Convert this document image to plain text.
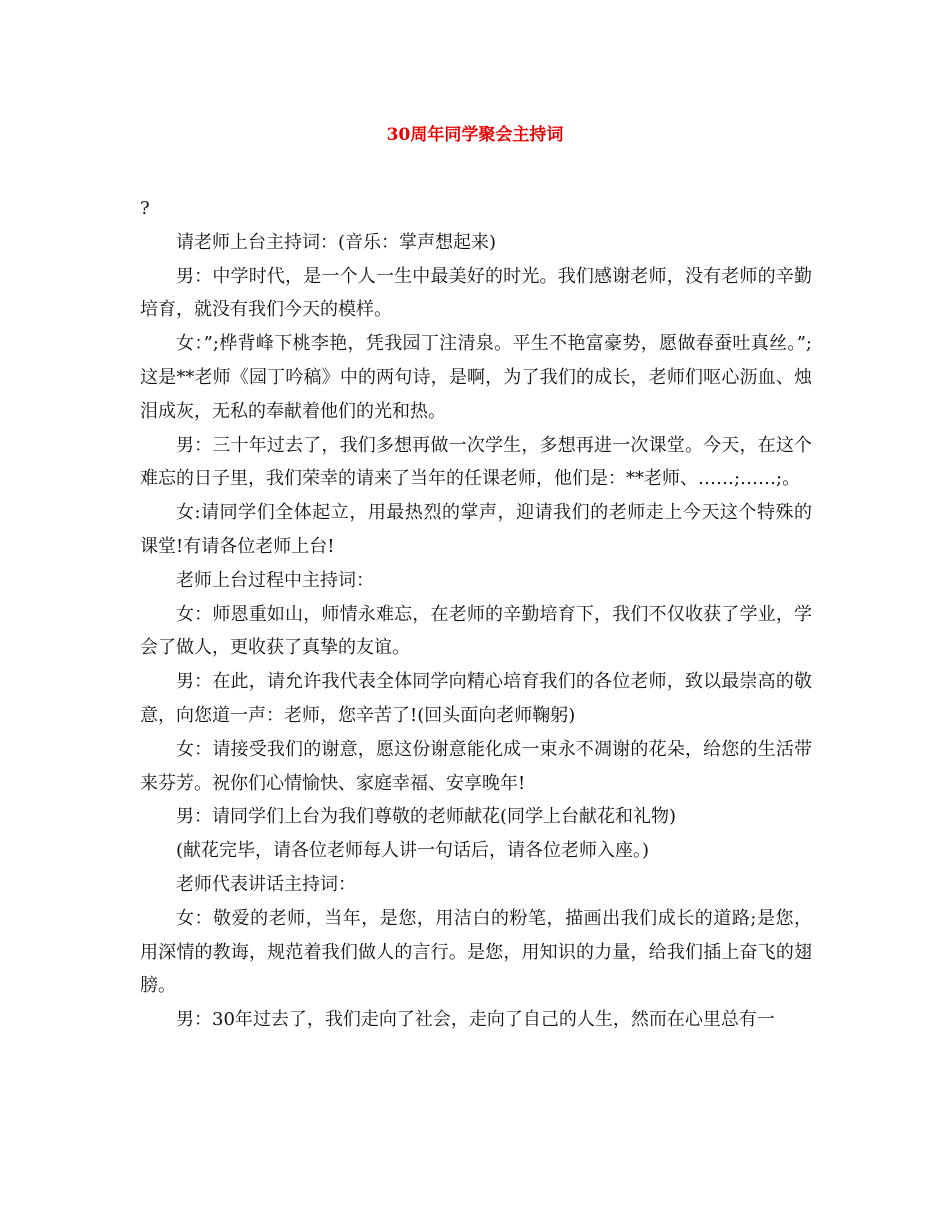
30周年同学聚会主持词

?

请老师上台主持词：(音乐：掌声想起来)

男：中学时代，是一个人一生中最美好的时光。我们感谢老师，没有老师的辛勤培育，就没有我们今天的模样。

女：”;桦背峰下桃李艳，凭我园丁注清泉。平生不艳富豪势，愿做春蚕吐真丝。”;这是**老师《园丁吟稿》中的两句诗，是啊，为了我们的成长，老师们呕心沥血、烛泪成灰，无私的奉献着他们的光和热。

男：三十年过去了，我们多想再做一次学生，多想再进一次课堂。今天，在这个难忘的日子里，我们荣幸的请来了当年的任课老师，他们是：**老师、……;……;。

女:请同学们全体起立，用最热烈的掌声，迎请我们的老师走上今天这个特殊的课堂!有请各位老师上台!

老师上台过程中主持词：

女：师恩重如山，师情永难忘，在老师的辛勤培育下，我们不仅收获了学业，学会了做人，更收获了真挚的友谊。

男：在此，请允许我代表全体同学向精心培育我们的各位老师，致以最崇高的敬意，向您道一声：老师，您辛苦了!(回头面向老师鞠躬)

女：请接受我们的谢意，愿这份谢意能化成一束永不凋谢的花朵，给您的生活带来芬芳。祝你们心情愉快、家庭幸福、安享晚年!

男：请同学们上台为我们尊敬的老师献花(同学上台献花和礼物)

(献花完毕，请各位老师每人讲一句话后，请各位老师入座。)

老师代表讲话主持词：

女：敬爱的老师，当年，是您，用洁白的粉笔，描画出我们成长的道路;是您，用深情的教诲，规范着我们做人的言行。是您，用知识的力量，给我们插上奋飞的翅膀。

男：30年过去了，我们走向了社会，走向了自己的人生，然而在心里总有一
